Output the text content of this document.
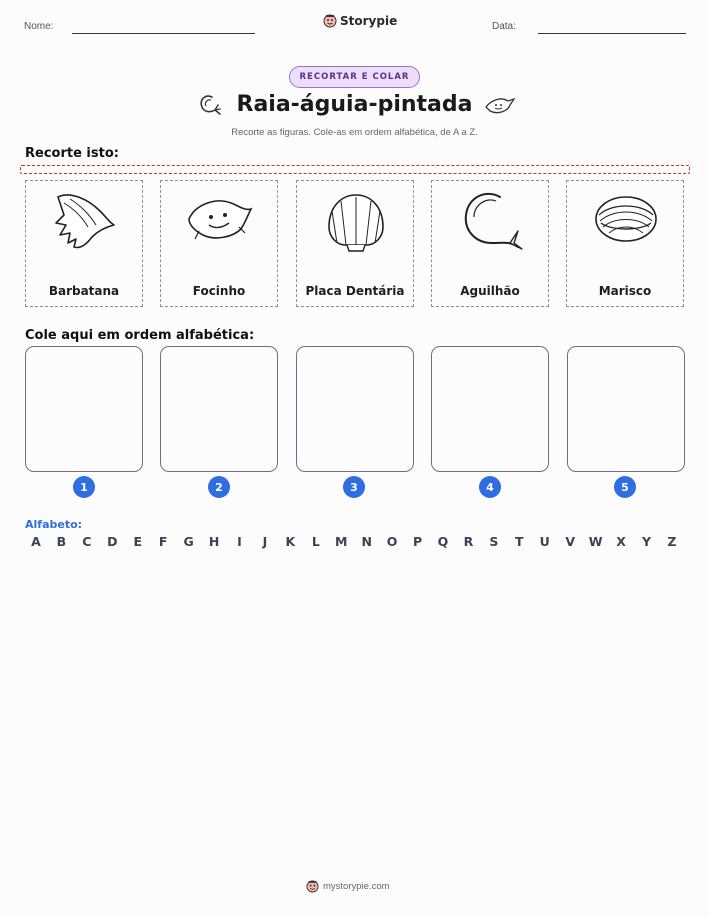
Nome:	Storypie	Data:
RECORTAR E COLAR
Raia-águia-pintada
Recorte as figuras. Cole-as em ordem alfabética, de A a Z.
Recorte isto:
Barbatana	Focinho	Placa Dentária	Aguilhão	Marisco
Cole aqui em ordem alfabética:
1	2	3	4	5
Alfabeto:
A	B	C	D	E	F	G	H	I	J	K	L	M	N	O	P	Q	R	S	T	U	V	W	X	Y	Z
mystorypie.com
